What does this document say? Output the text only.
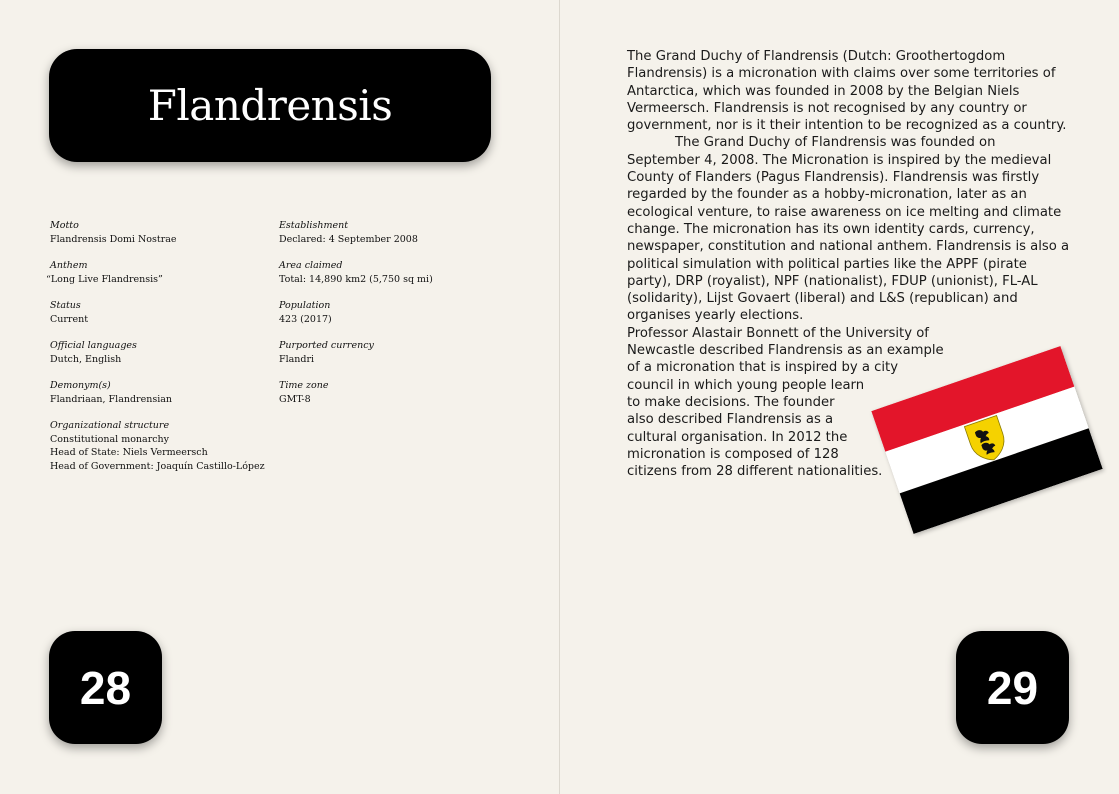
Flandrensis
Motto
Flandrensis Domi Nostrae
Anthem
“Long Live Flandrensis”
Status
Current
Official languages
Dutch, English
Demonym(s)
Flandriaan, Flandrensian
Organizational structure
Constitutional monarchy
Head of State: Niels Vermeersch
Head of Government: Joaquín Castillo-López
Establishment
Declared: 4 September 2008
Area claimed
Total: 14,890 km2 (5,750 sq mi)
Population
423 (2017)
Purported currency
Flandri
Time zone
GMT-8
28

The Grand Duchy of Flandrensis (Dutch: Groothertogdom Flandrensis) is a micronation with claims over some territories of Antarctica, which was founded in 2008 by the Belgian Niels Vermeersch. Flandrensis is not recognised by any country or government, nor is it their intention to be recognized as a country.

The Grand Duchy of Flandrensis was founded on September 4, 2008. The Micronation is inspired by the medieval County of Flanders (Pagus Flandrensis). Flandrensis was firstly regarded by the founder as a hobby-micronation, later as an ecological venture, to raise awareness on ice melting and climate change. The micronation has its own identity cards, currency, newspaper, constitution and national anthem. Flandrensis is also a political simulation with political parties like the APPF (pirate party), DRP (royalist), NPF (nationalist), FDUP (unionist), FL-AL (solidarity), Lijst Govaert (liberal) and L&S (republican) and organises yearly elections.

Professor Alastair Bonnett of the University of
Newcastle described Flandrensis as an example
of a micronation that is inspired by a city
council in which young people learn
to make decisions. The founder
also described Flandrensis as a
cultural organisation. In 2012 the
micronation is composed of 128
citizens from 28 different nationalities.
29
